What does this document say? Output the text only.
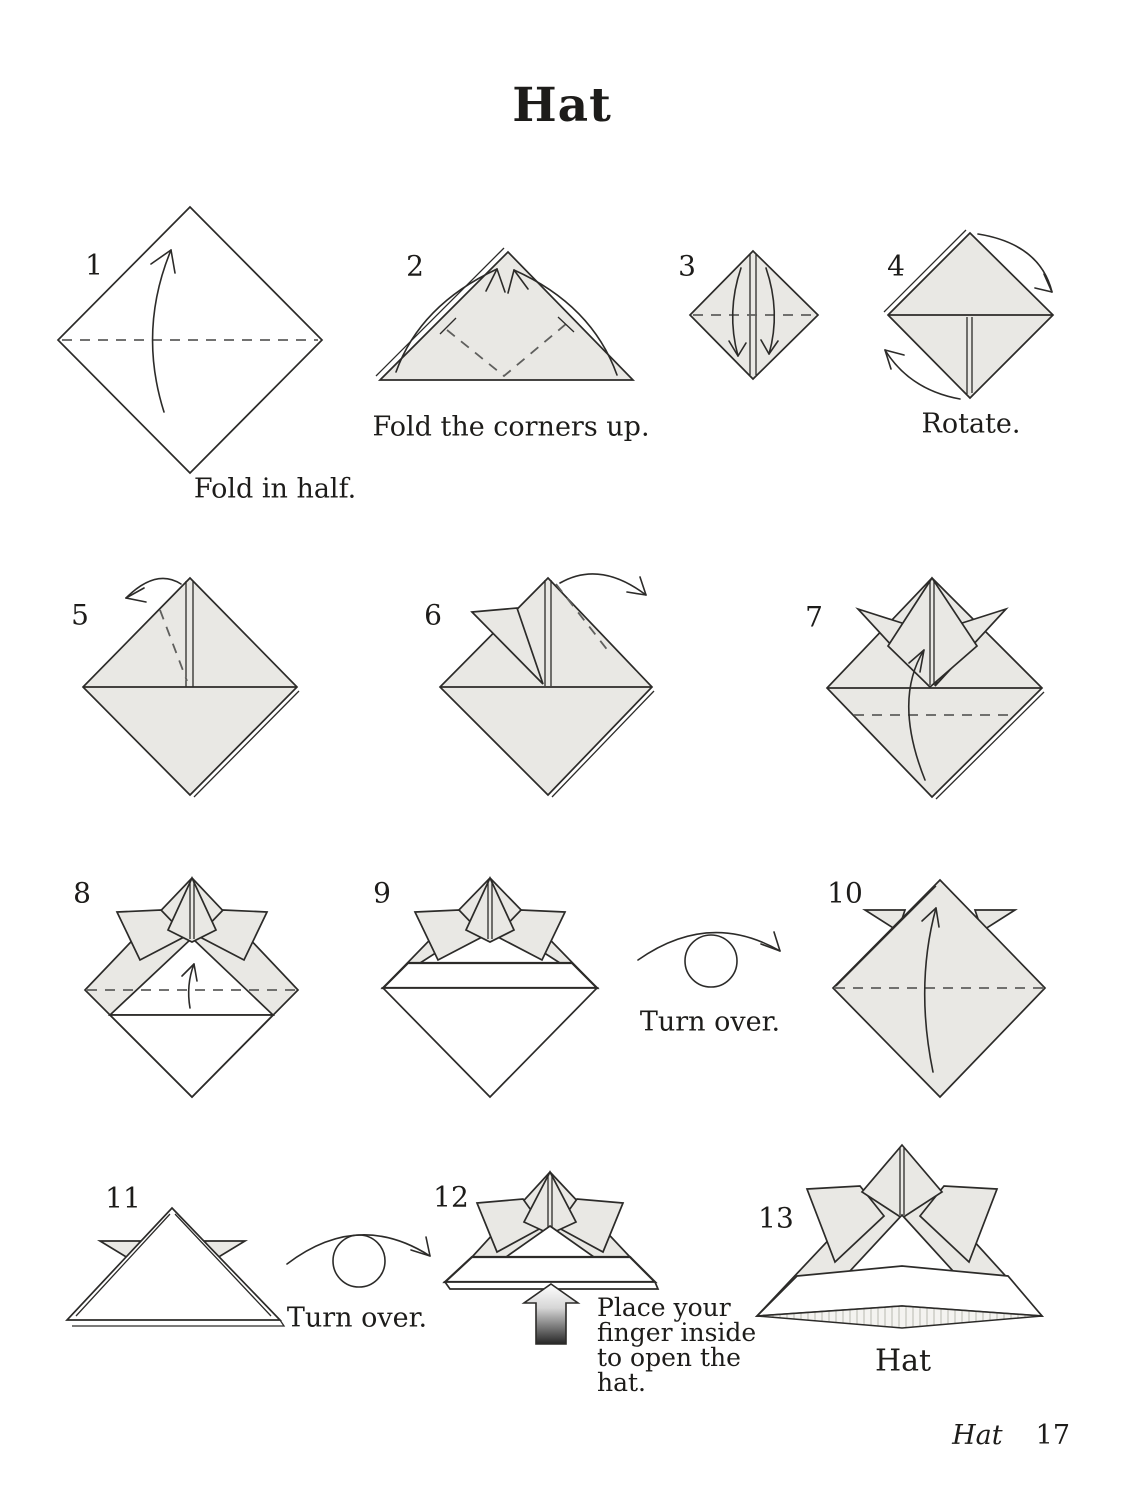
Hat
1	2	3	4
5	6	7
8	9	10
11	12
13
Fold in half.
Fold the corners up.	Rotate.
Turn over.
Turn over.	Place your finger inside to open the hat.
Hat
Hat 17
